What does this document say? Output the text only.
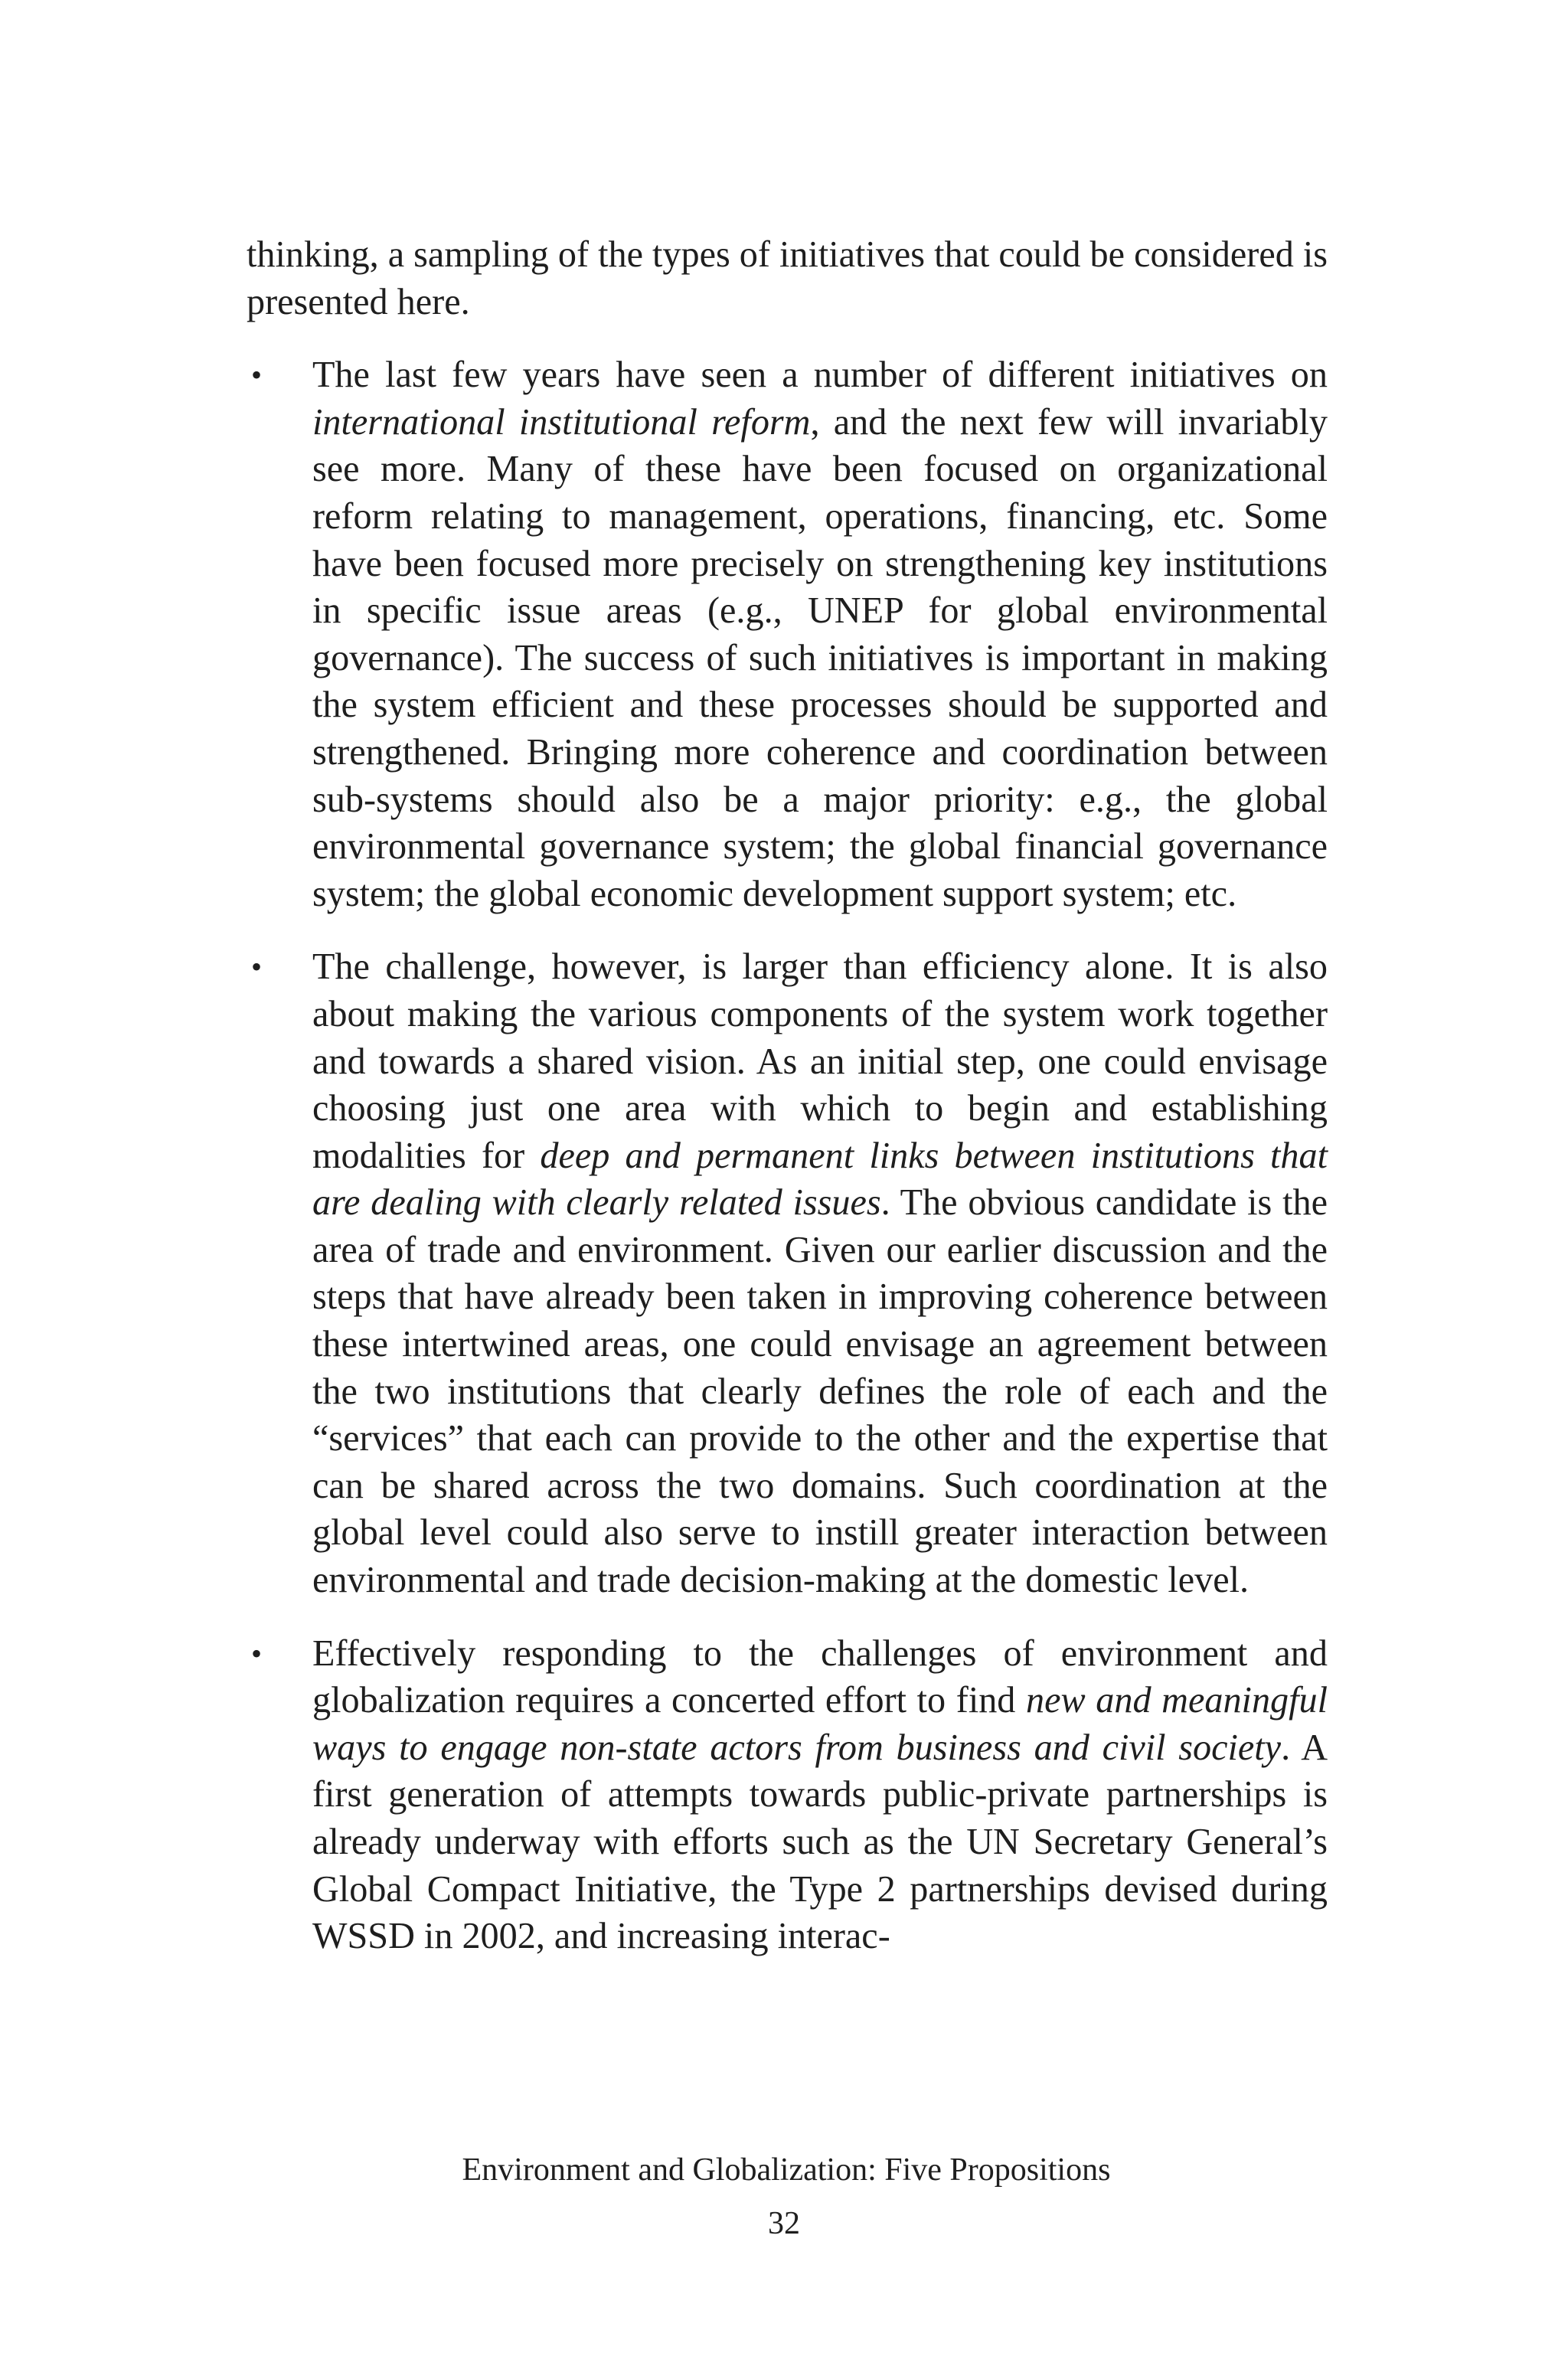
thinking, a sampling of the types of initiatives that could be considered is presented here.

• The last few years have seen a number of different initiatives on international institutional reform, and the next few will invariably see more. Many of these have been focused on organizational reform relating to management, operations, financing, etc. Some have been focused more precisely on strengthening key institutions in specific issue areas (e.g., UNEP for global environmental governance). The success of such initiatives is important in making the system efficient and these processes should be supported and strengthened. Bringing more coherence and coordination between sub-systems should also be a major priority: e.g., the global environmental governance system; the global financial governance system; the global economic development support system; etc.

• The challenge, however, is larger than efficiency alone. It is also about making the various components of the system work together and towards a shared vision. As an initial step, one could envisage choosing just one area with which to begin and establishing modalities for deep and permanent links between institutions that are dealing with clearly related issues. The obvious candidate is the area of trade and environment. Given our earlier discussion and the steps that have already been taken in improving coherence between these intertwined areas, one could envisage an agreement between the two institutions that clearly defines the role of each and the “services” that each can provide to the other and the expertise that can be shared across the two domains. Such coordination at the global level could also serve to instill greater interaction between environmental and trade decision-making at the domestic level.

• Effectively responding to the challenges of environment and globalization requires a concerted effort to find new and meaningful ways to engage non-state actors from business and civil society. A first generation of attempts towards public-private partnerships is already underway with efforts such as the UN Secretary General’s Global Compact Initiative, the Type 2 partnerships devised during WSSD in 2002, and increasing interac-

Environment and Globalization: Five Propositions
32
